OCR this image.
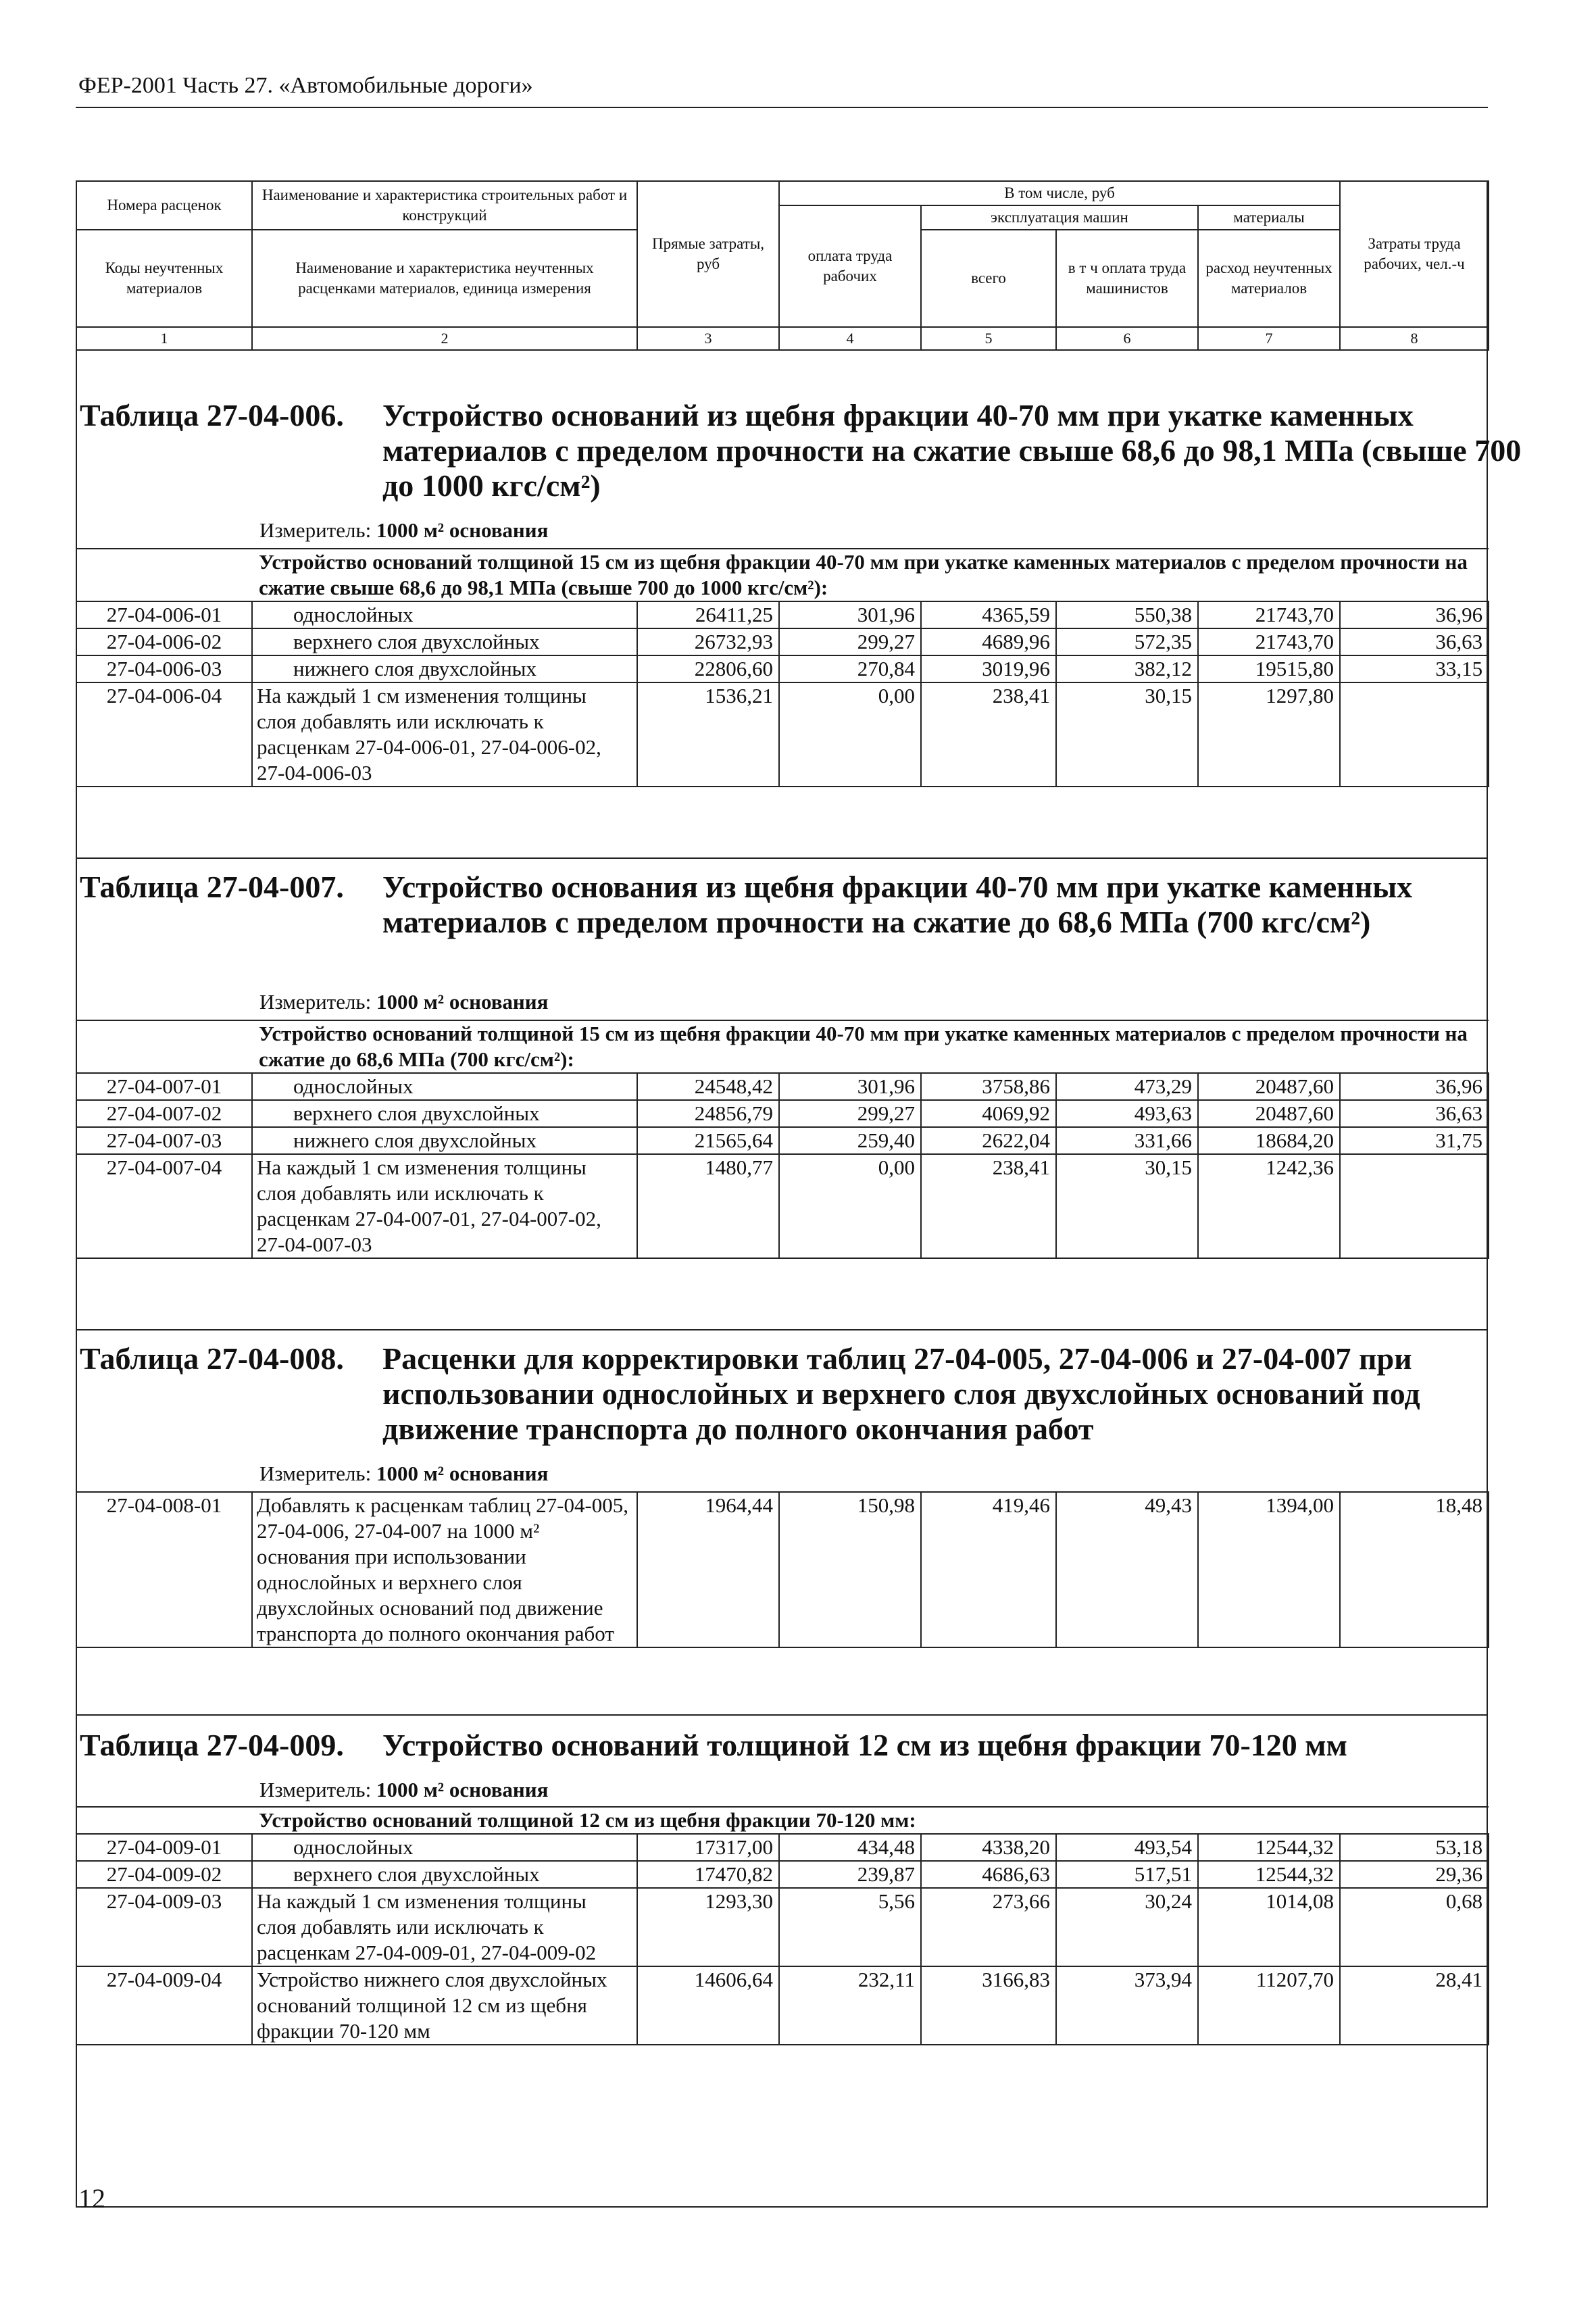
ФЕР-2001 Часть 27. «Автомобильные дороги»
Номера расценок	Наименование и характеристика строительных работ и конструкций	Прямые затраты, руб	В том числе, руб				Затраты труда рабочих, чел.-ч
			оплата труда рабочих	эксплуатация машин		материалы	
Коды неучтенных материалов	Наименование и характеристика неучтенных расценками материалов, единица измерения			всего	в т ч оплата труда машинистов	расход неучтенных материалов	

1	2	3	4	5	6	7	8
Таблица 27-04-006. Устройство оснований из щебня фракции 40-70 мм при укатке каменных материалов с пределом прочности на сжатие свыше 68,6 до 98,1 МПа (свыше 700 до 1000 кгс/см²)
Измеритель: 1000 м² основания
	Устройство оснований толщиной 15 см из щебня фракции 40-70 мм при укатке каменных материалов с пределом прочности на сжатие свыше 68,6 до 98,1 МПа (свыше 700 до 1000 кгс/см²):						
27-04-006-01	однослойных	26411,25	301,96	4365,59	550,38	21743,70	36,96
27-04-006-02	верхнего слоя двухслойных	26732,93	299,27	4689,96	572,35	21743,70	36,63
27-04-006-03	нижнего слоя двухслойных	22806,60	270,84	3019,96	382,12	19515,80	33,15
27-04-006-04	На каждый 1 см изменения толщины слоя добавлять или исключать к расценкам 27-04-006-01, 27-04-006-02, 27-04-006-03	1536,21	0,00	238,41	30,15	1297,80	
Таблица 27-04-007. Устройство основания из щебня фракции 40-70 мм при укатке каменных материалов с пределом прочности на сжатие до 68,6 МПа (700 кгс/см²)
Измеритель: 1000 м² основания
	Устройство оснований толщиной 15 см из щебня фракции 40-70 мм при укатке каменных материалов с пределом прочности на сжатие до 68,6 МПа (700 кгс/см²):						
27-04-007-01	однослойных	24548,42	301,96	3758,86	473,29	20487,60	36,96
27-04-007-02	верхнего слоя двухслойных	24856,79	299,27	4069,92	493,63	20487,60	36,63
27-04-007-03	нижнего слоя двухслойных	21565,64	259,40	2622,04	331,66	18684,20	31,75
27-04-007-04	На каждый 1 см изменения толщины слоя добавлять или исключать к расценкам 27-04-007-01, 27-04-007-02, 27-04-007-03	1480,77	0,00	238,41	30,15	1242,36	
Таблица 27-04-008. Расценки для корректировки таблиц 27-04-005, 27-04-006 и 27-04-007 при использовании однослойных и верхнего слоя двухслойных оснований под движение транспорта до полного окончания работ
Измеритель: 1000 м² основания
27-04-008-01	Добавлять к расценкам таблиц 27-04-005, 27-04-006, 27-04-007 на 1000 м² основания при использовании однослойных и верхнего слоя двухслойных оснований под движение транспорта до полного окончания работ	1964,44	150,98	419,46	49,43	1394,00	18,48
Таблица 27-04-009. Устройство оснований толщиной 12 см из щебня фракции 70-120 мм
Измеритель: 1000 м² основания
	Устройство оснований толщиной 12 см из щебня фракции 70-120 мм:						
27-04-009-01	однослойных	17317,00	434,48	4338,20	493,54	12544,32	53,18
27-04-009-02	верхнего слоя двухслойных	17470,82	239,87	4686,63	517,51	12544,32	29,36
27-04-009-03	На каждый 1 см изменения толщины слоя добавлять или исключать к расценкам 27-04-009-01, 27-04-009-02	1293,30	5,56	273,66	30,24	1014,08	0,68
27-04-009-04	Устройство нижнего слоя двухслойных оснований толщиной 12 см из щебня фракции 70-120 мм	14606,64	232,11	3166,83	373,94	11207,70	28,41
12
